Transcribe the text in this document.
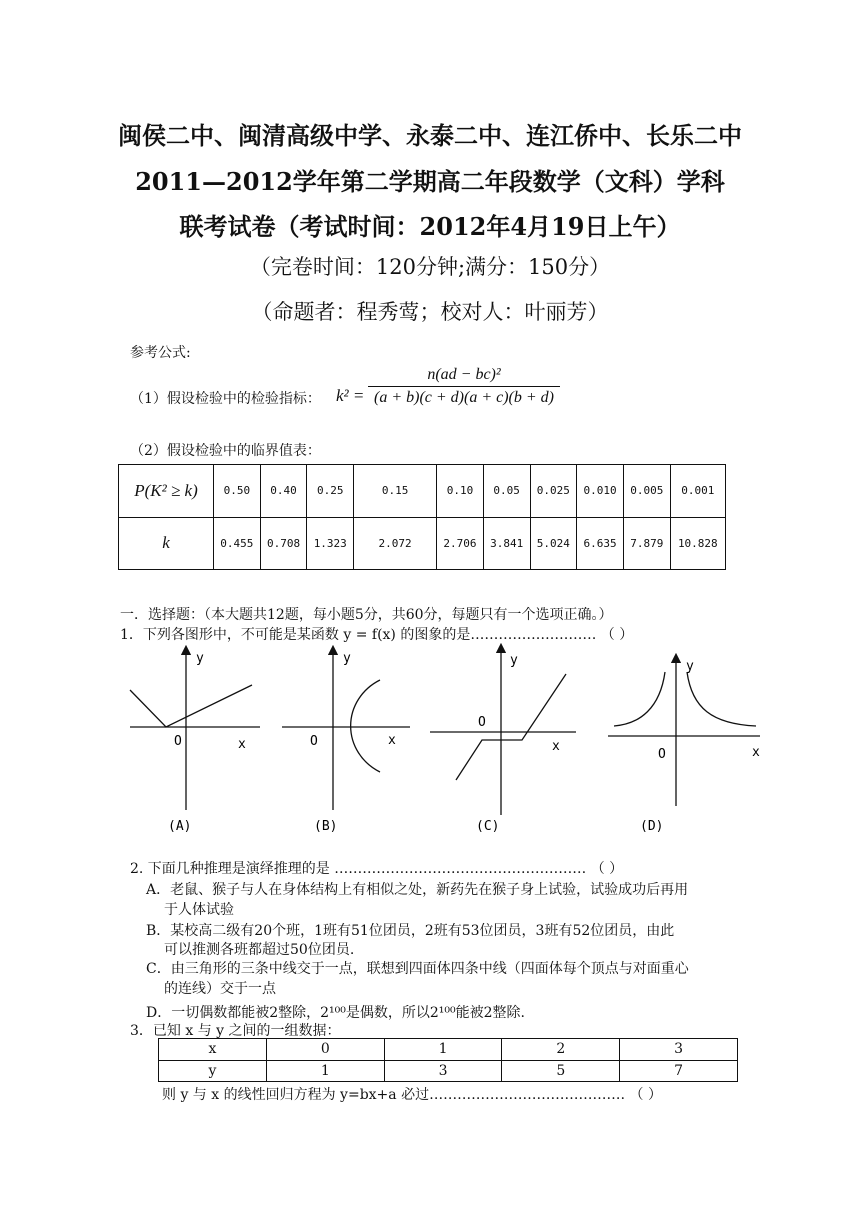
闽侯二中、闽清高级中学、永泰二中、连江侨中、长乐二中
2011—2012学年第二学期高二年段数学（文科）学科
联考试卷（考试时间：2012年4月19日上午）
（完卷时间：120分钟;满分：150分）
（命题者：程秀莺；校对人：叶丽芳）
参考公式:
（1）假设检验中的检验指标： $k^2 = \frac{\text{n(ad − bc)²}}{(a + b)(c + d)(a + c)(b + d)}$
（2）假设检验中的临界值表：
P(K² ≥ k)	0.50	0.40	0.25	0.15	0.10	0.05	0.025	0.010	0.005	0.001
k	0.455	0.708	1.323	2.072	2.706	3.841	5.024	6.635	7.879	10.828
一．选择题：（本大题共12题，每小题5分，共60分，每题只有一个选项正确。）
1．下列各图形中，不可能是某函数 y = f(x) 的图象的是……………………… （ ）
y
x
O
(A)
y
x
O
(B)
y
x
O
(C)
y
x
O
(D)
2. 下面几种推理是演绎推理的是 ……………………………………………… （ ）
A．老鼠、猴子与人在身体结构上有相似之处，新药先在猴子身上试验，试验成功后再用
于人体试验
B．某校高二级有20个班，1班有51位团员，2班有53位团员，3班有52位团员，由此
可以推测各班都超过50位团员.
C．由三角形的三条中线交于一点，联想到四面体四条中线（四面体每个顶点与对面重心
的连线）交于一点
D．一切偶数都能被2整除，2¹⁰⁰是偶数，所以2¹⁰⁰能被2整除.
3．已知 x 与 y 之间的一组数据：
x	0	1	2	3
y	1	3	5	7
则 y 与 x 的线性回归方程为 y=bx+a 必过…………………………………… （ ）
